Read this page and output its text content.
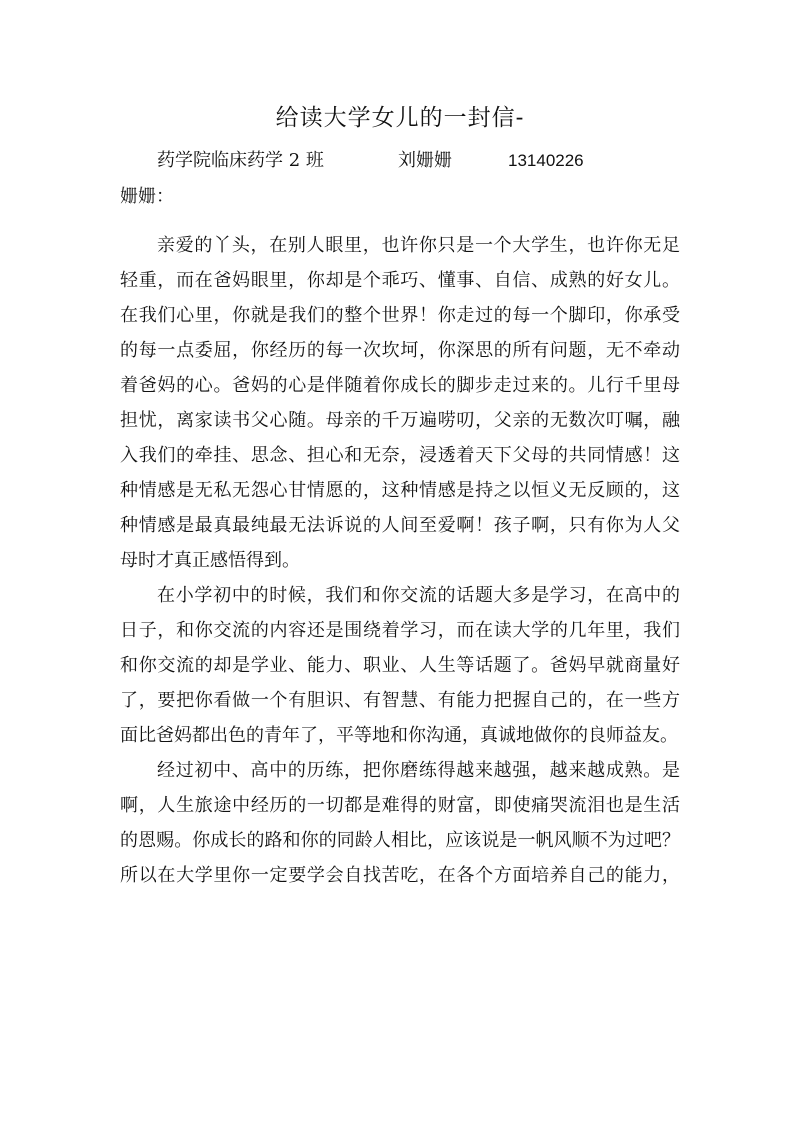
给读大学女儿的一封信-
药学院临床药学 2 班	刘姗姗	13140226
姗姗：
亲爱的丫头，在别人眼里，也许你只是一个大学生，也许你无足
轻重，而在爸妈眼里，你却是个乖巧、懂事、自信、成熟的好女儿。
在我们心里，你就是我们的整个世界！你走过的每一个脚印，你承受
的每一点委屈，你经历的每一次坎坷，你深思的所有问题，无不牵动
着爸妈的心。爸妈的心是伴随着你成长的脚步走过来的。儿行千里母
担忧，离家读书父心随。母亲的千万遍唠叨，父亲的无数次叮嘱，融
入我们的牵挂、思念、担心和无奈，浸透着天下父母的共同情感！这
种情感是无私无怨心甘情愿的，这种情感是持之以恒义无反顾的，这
种情感是最真最纯最无法诉说的人间至爱啊！孩子啊，只有你为人父
母时才真正感悟得到。
在小学初中的时候，我们和你交流的话题大多是学习，在高中的
日子，和你交流的内容还是围绕着学习，而在读大学的几年里，我们
和你交流的却是学业、能力、职业、人生等话题了。爸妈早就商量好
了，要把你看做一个有胆识、有智慧、有能力把握自己的，在一些方
面比爸妈都出色的青年了，平等地和你沟通，真诚地做你的良师益友。
经过初中、高中的历练，把你磨练得越来越强，越来越成熟。是
啊，人生旅途中经历的一切都是难得的财富，即使痛哭流泪也是生活
的恩赐。你成长的路和你的同龄人相比，应该说是一帆风顺不为过吧？
所以在大学里你一定要学会自找苦吃，在各个方面培养自己的能力，
